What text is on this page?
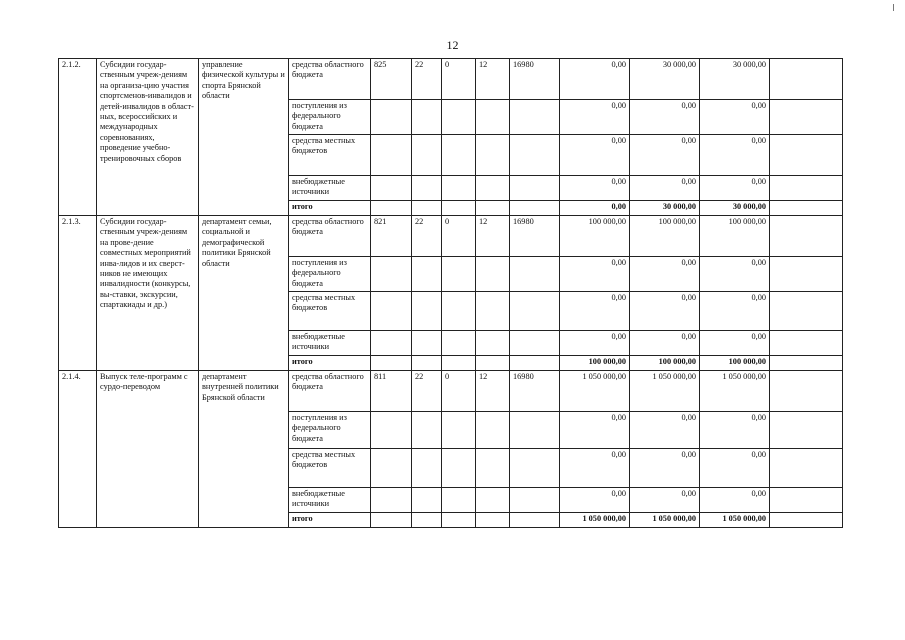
12
2.1.2.	Субсидии государ-ственным учреж-дениям на организа-цию участия спортсменов-инвалидов и детей-инвалидов в област-ных, всероссийских и международных соревнованиях, проведение учебно-тренировочных сборов	управление физической культуры и спорта Брянской области	средства областного бюджета	825	22	0	12	16980	0,00	30 000,00	30 000,00	
			поступления из федерального бюджета						0,00	0,00	0,00	
			средства местных бюджетов						0,00	0,00	0,00	
			внебюджетные источники						0,00	0,00	0,00	
			итого						0,00	30 000,00	30 000,00	
2.1.3.	Субсидии государ-ственным учреж-дениям на прове-дение совместных мероприятий инва-лидов и их сверст-ников не имеющих инвалидности (конкурсы, вы-ставки, экскурсии, спартакиады и др.)	департамент семьи, социальной и демографической политики Брянской области	средства областного бюджета	821	22	0	12	16980	100 000,00	100 000,00	100 000,00	
			поступления из федерального бюджета						0,00	0,00	0,00	
			средства местных бюджетов						0,00	0,00	0,00	
			внебюджетные источники						0,00	0,00	0,00	
			итого						100 000,00	100 000,00	100 000,00	
2.1.4.	Выпуск теле-программ с сурдо-переводом	департамент внутренней политики Брянской области	средства областного бюджета	811	22	0	12	16980	1 050 000,00	1 050 000,00	1 050 000,00	
			поступления из федерального бюджета						0,00	0,00	0,00	
			средства местных бюджетов						0,00	0,00	0,00	
			внебюджетные источники						0,00	0,00	0,00	
			итого						1 050 000,00	1 050 000,00	1 050 000,00	
